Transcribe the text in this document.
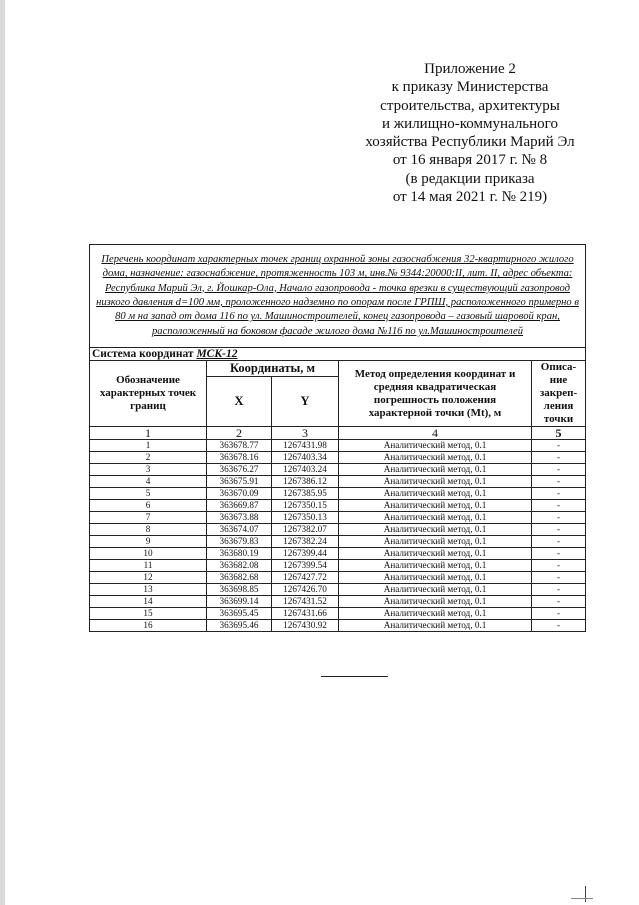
Приложение 2
к приказу Министерства
строительства, архитектуры
и жилищно-коммунального
хозяйства Республики Марий Эл
от 16 января 2017 г. № 8
(в редакции приказа
от 14 мая 2021 г. № 219)
Перечень координат характерных точек границ охранной зоны газоснабжения 32-квартирного жилого дома, назначение: газоснабжение, протяженность 103 м, инв.№ 9344:20000:II, лит. II, адрес объекта: Республика Марий Эл, г. Йошкар-Ола, Начало газопровода - точка врезки в существующий газопровод низкого давления d=100 мм, проложенного надземно по опорам после ГРПШ, расположенного примерно в 80 м на запад от дома 116 по ул. Машиностроителей, конец газопровода – газовый шаровой кран, расположенный на боковом фасаде жилого дома №116 по ул.Машиностроителей				
Система координат МСК-12				
Обозначение характерных точек границ	Координаты, м		Метод определения координат и средняя квадратическая погрешность положения характерной точки (Mt), м	Описа-ние закреп-ления точки
	X	Y		
1	2	3	4	5
1	363678.77	1267431.98	Аналитический метод, 0.1	-
2	363678.16	1267403.34	Аналитический метод, 0.1	-
3	363676.27	1267403.24	Аналитический метод, 0.1	-
4	363675.91	1267386.12	Аналитический метод, 0.1	-
5	363670.09	1267385.95	Аналитический метод, 0.1	-
6	363669.87	1267350.15	Аналитический метод, 0.1	-
7	363673.88	1267350.13	Аналитический метод, 0.1	-
8	363674.07	1267382.07	Аналитический метод, 0.1	-
9	363679.83	1267382.24	Аналитический метод, 0.1	-
10	363680.19	1267399.44	Аналитический метод, 0.1	-
11	363682.08	1267399.54	Аналитический метод, 0.1	-
12	363682.68	1267427.72	Аналитический метод, 0.1	-
13	363698.85	1267426.70	Аналитический метод, 0.1	-
14	363699.14	1267431.52	Аналитический метод, 0.1	-
15	363695.45	1267431.66	Аналитический метод, 0.1	-
16	363695.46	1267430.92	Аналитический метод, 0.1	-
